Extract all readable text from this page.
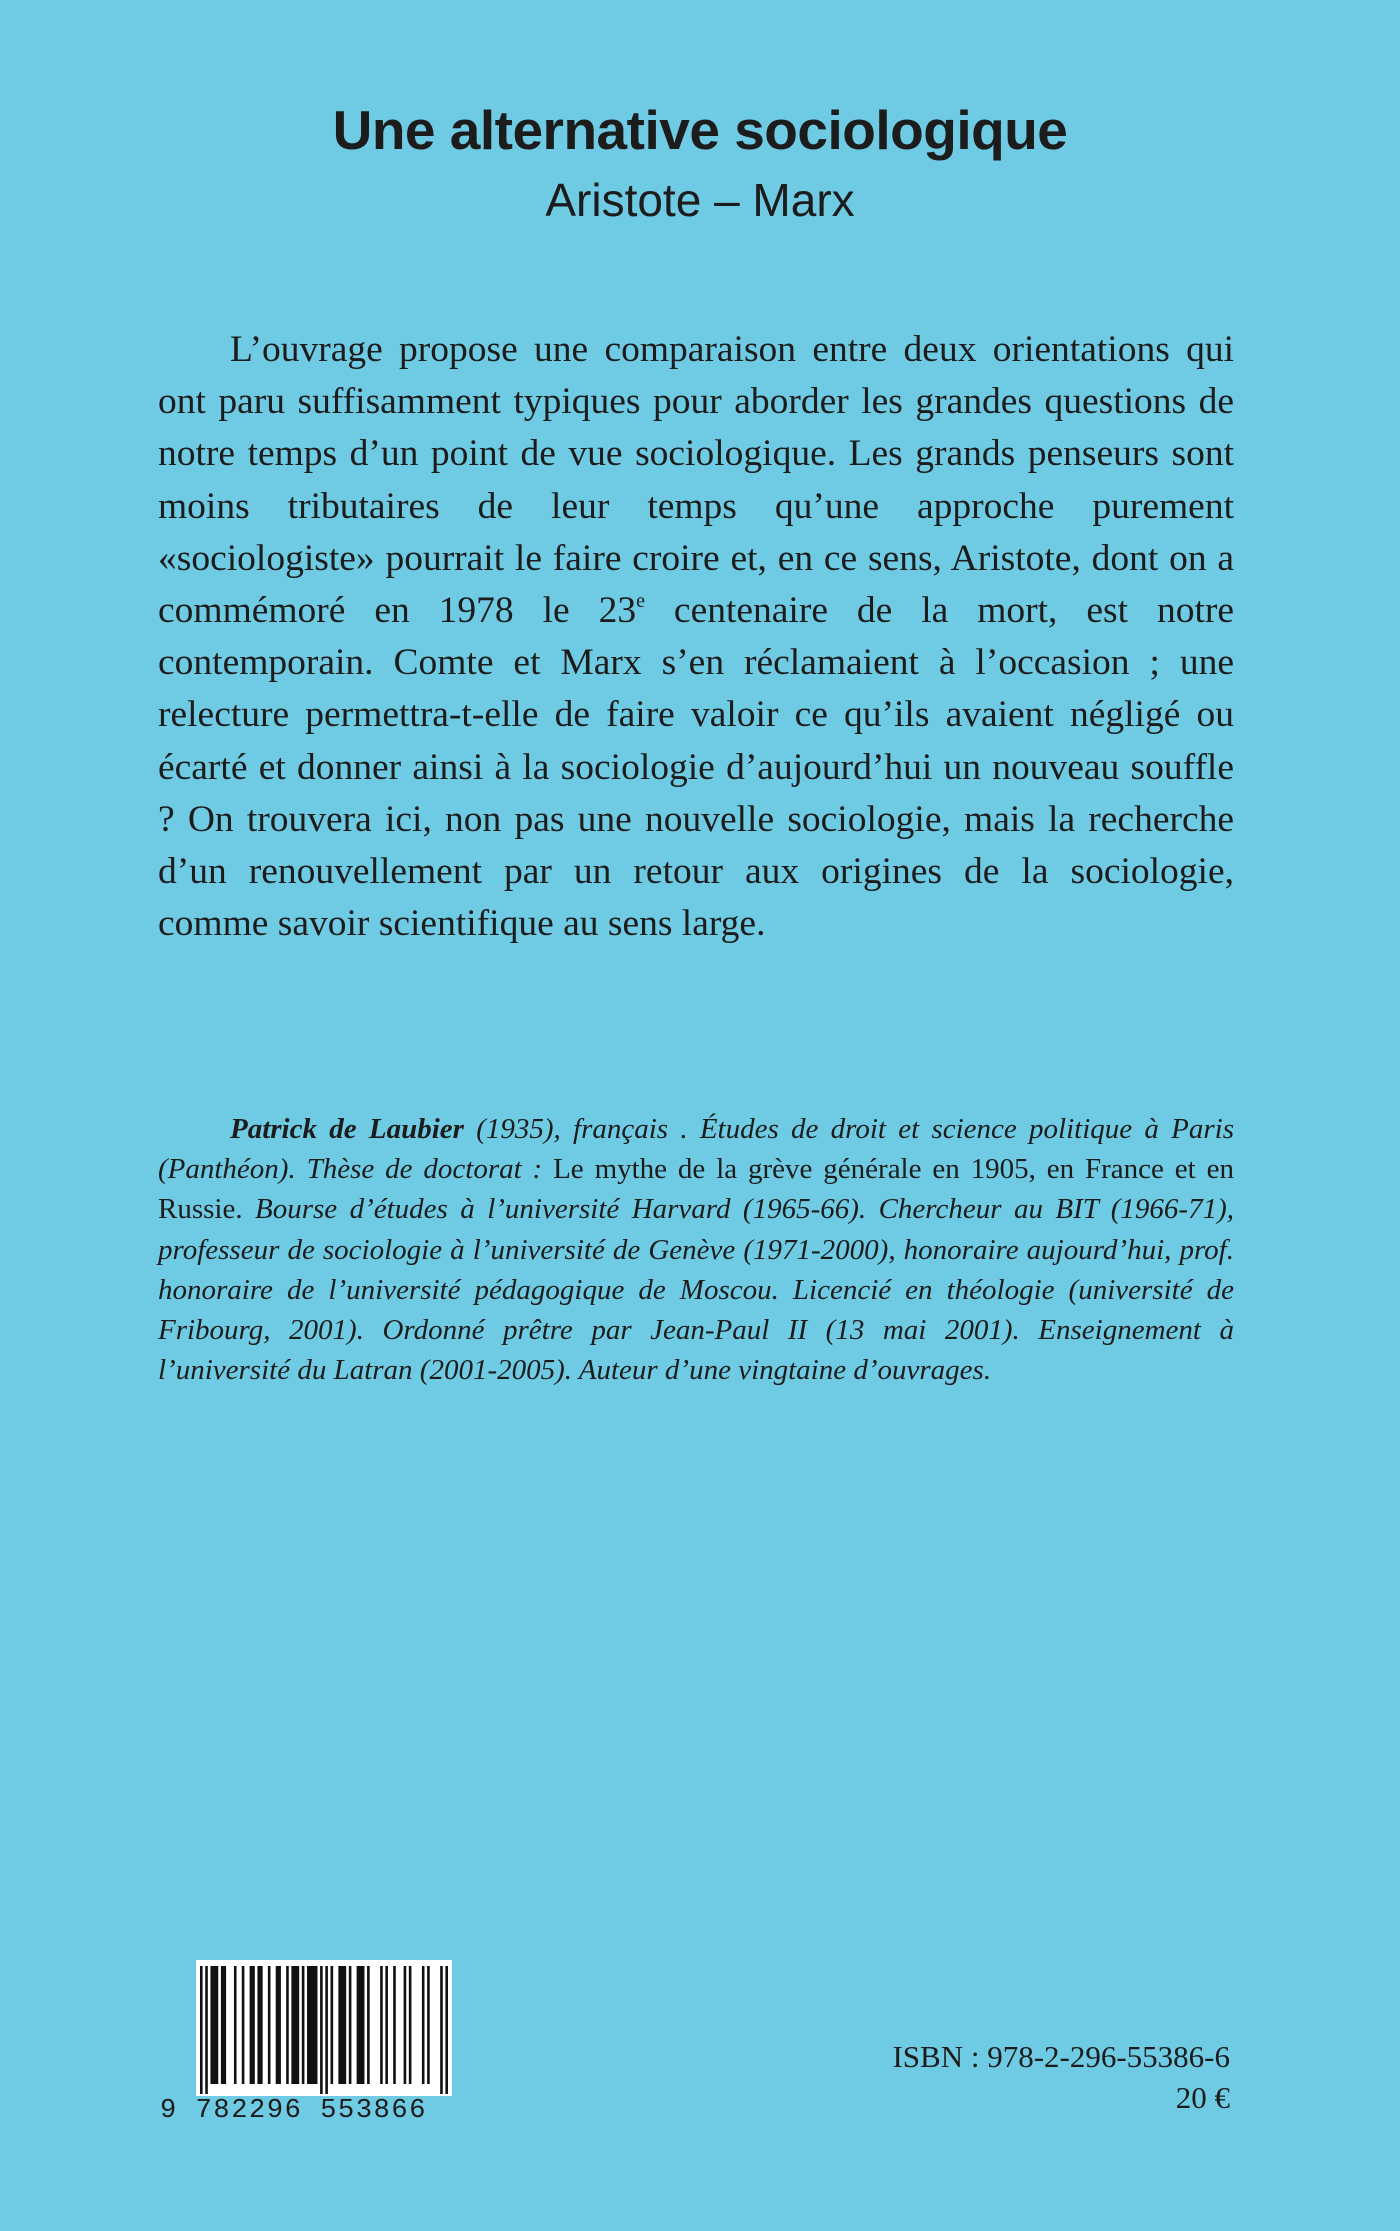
Une alternative sociologique
Aristote – Marx

L’ouvrage propose une comparaison entre deux orientations qui ont paru suffisamment typiques pour aborder les grandes questions de notre temps d’un point de vue sociologique. Les grands penseurs sont moins tributaires de leur temps qu’une approche purement «sociologiste» pourrait le faire croire et, en ce sens, Aristote, dont on a commémoré en 1978 le 23e centenaire de la mort, est notre contemporain. Comte et Marx s’en réclamaient à l’occasion ; une relecture permettra-t-elle de faire valoir ce qu’ils avaient négligé ou écarté et donner ainsi à la sociologie d’aujourd’hui un nouveau souffle ? On trouvera ici, non pas une nouvelle sociologie, mais la recherche d’un renouvellement par un retour aux origines de la sociologie, comme savoir scientifique au sens large.

Patrick de Laubier (1935), français . Études de droit et science politique à Paris (Panthéon). Thèse de doctorat : Le mythe de la grève générale en 1905, en France et en Russie. Bourse d’études à l’université Harvard (1965-66). Chercheur au BIT (1966-71), professeur de sociologie à l’université de Genève (1971-2000), honoraire aujourd’hui, prof. honoraire de l’université pédagogique de Moscou. Licencié en théologie (université de Fribourg, 2001). Ordonné prêtre par Jean-Paul II (13 mai 2001). Enseignement à l’université du Latran (2001-2005). Auteur d’une vingtaine d’ouvrages.

9 782296 553866
ISBN : 978-2-296-55386-6
20 €
